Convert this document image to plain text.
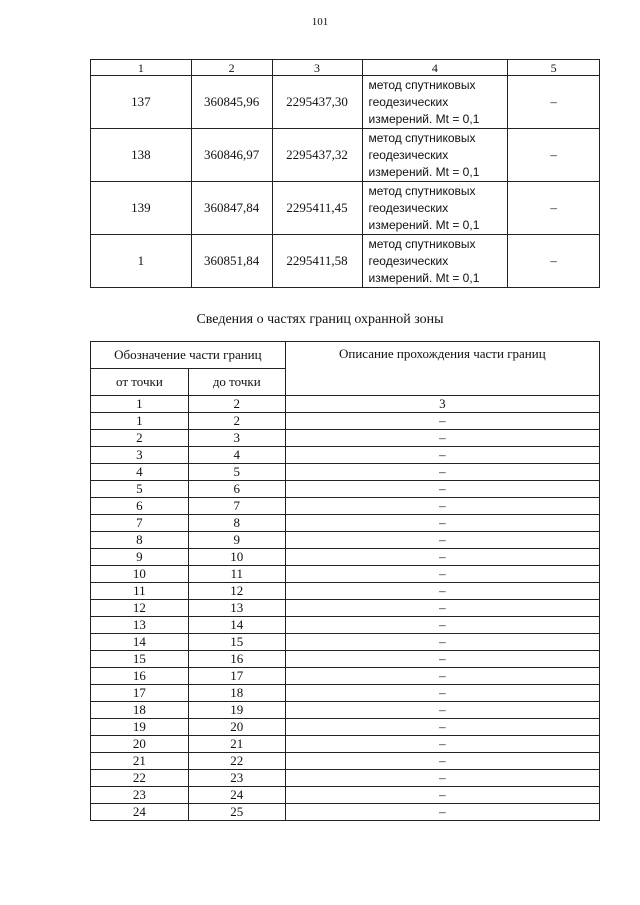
101
1	2	3	4	5
137	360845,96	2295437,30	метод спутниковых
геодезических
измерений. Mt = 0,1	–
138	360846,97	2295437,32	метод спутниковых
геодезических
измерений. Mt = 0,1	–
139	360847,84	2295411,45	метод спутниковых
геодезических
измерений. Mt = 0,1	–
1	360851,84	2295411,58	метод спутниковых
геодезических
измерений. Mt = 0,1	–
Сведения о частях границ охранной зоны
Обозначение части границ		Описание прохождения части границ
от точки	до точки	
1	2	3
1	2	–
2	3	–
3	4	–
4	5	–
5	6	–
6	7	–
7	8	–
8	9	–
9	10	–
10	11	–
11	12	–
12	13	–
13	14	–
14	15	–
15	16	–
16	17	–
17	18	–
18	19	–
19	20	–
20	21	–
21	22	–
22	23	–
23	24	–
24	25	–
